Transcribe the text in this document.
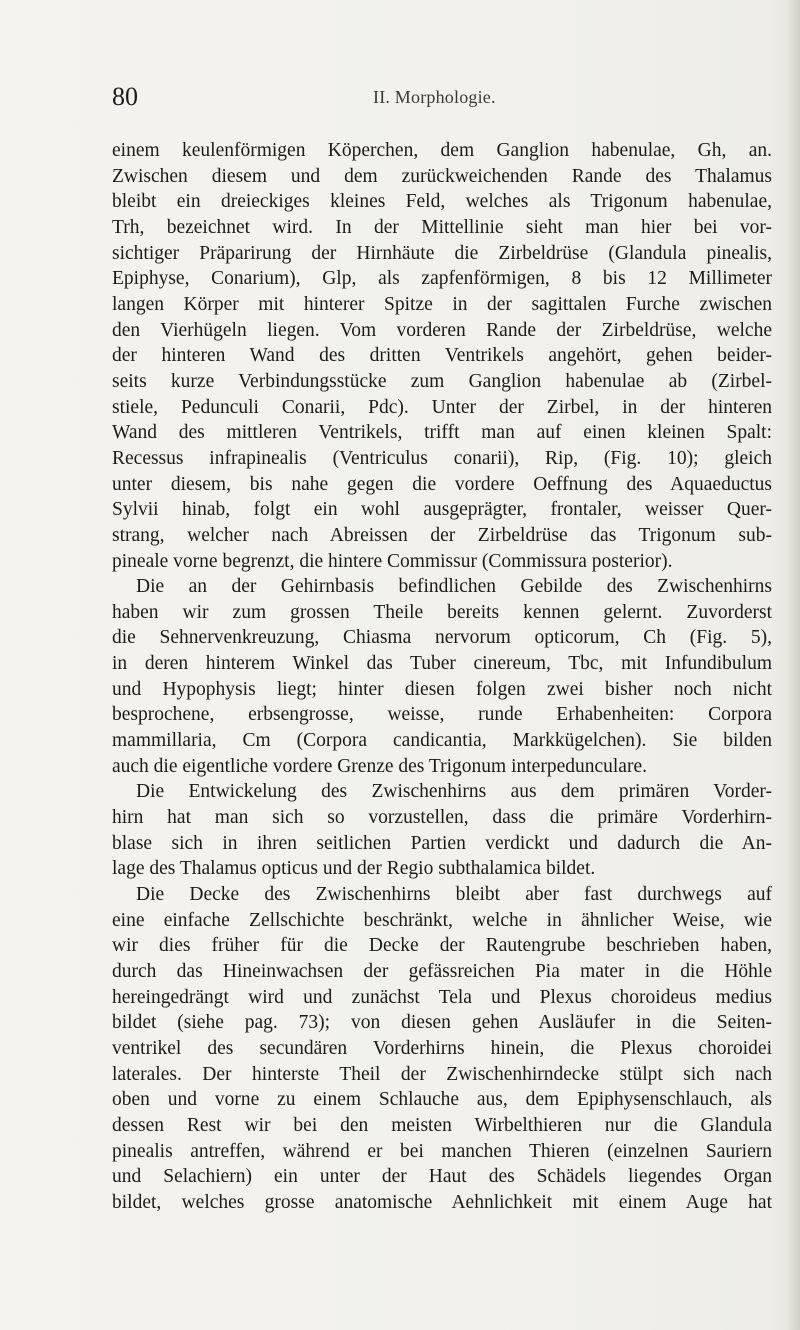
80	II. Morphologie.
einem keulenförmigen Köperchen, dem Ganglion habenulae, Gh, an.
Zwischen diesem und dem zurückweichenden Rande des Thalamus
bleibt ein dreieckiges kleines Feld, welches als Trigonum habenulae,
Trh, bezeichnet wird. In der Mittellinie sieht man hier bei vor-
sichtiger Präparirung der Hirnhäute die Zirbeldrüse (Glandula pinealis,
Epiphyse, Conarium), Glp, als zapfenförmigen, 8 bis 12 Millimeter
langen Körper mit hinterer Spitze in der sagittalen Furche zwischen
den Vierhügeln liegen. Vom vorderen Rande der Zirbeldrüse, welche
der hinteren Wand des dritten Ventrikels angehört, gehen beider-
seits kurze Verbindungsstücke zum Ganglion habenulae ab (Zirbel-
stiele, Pedunculi Conarii, Pdc). Unter der Zirbel, in der hinteren
Wand des mittleren Ventrikels, trifft man auf einen kleinen Spalt:
Recessus infrapinealis (Ventriculus conarii), Rip, (Fig. 10); gleich
unter diesem, bis nahe gegen die vordere Oeffnung des Aquaeductus
Sylvii hinab, folgt ein wohl ausgeprägter, frontaler, weisser Quer-
strang, welcher nach Abreissen der Zirbeldrüse das Trigonum sub-
pineale vorne begrenzt, die hintere Commissur (Commissura posterior).
Die an der Gehirnbasis befindlichen Gebilde des Zwischenhirns
haben wir zum grossen Theile bereits kennen gelernt. Zuvorderst
die Sehnervenkreuzung, Chiasma nervorum opticorum, Ch (Fig. 5),
in deren hinterem Winkel das Tuber cinereum, Tbc, mit Infundibulum
und Hypophysis liegt; hinter diesen folgen zwei bisher noch nicht
besprochene, erbsengrosse, weisse, runde Erhabenheiten: Corpora
mammillaria, Cm (Corpora candicantia, Markkügelchen). Sie bilden
auch die eigentliche vordere Grenze des Trigonum interpedunculare.
Die Entwickelung des Zwischenhirns aus dem primären Vorder-
hirn hat man sich so vorzustellen, dass die primäre Vorderhirn-
blase sich in ihren seitlichen Partien verdickt und dadurch die An-
lage des Thalamus opticus und der Regio subthalamica bildet.
Die Decke des Zwischenhirns bleibt aber fast durchwegs auf
eine einfache Zellschichte beschränkt, welche in ähnlicher Weise, wie
wir dies früher für die Decke der Rautengrube beschrieben haben,
durch das Hineinwachsen der gefässreichen Pia mater in die Höhle
hereingedrängt wird und zunächst Tela und Plexus choroideus medius
bildet (siehe pag. 73); von diesen gehen Ausläufer in die Seiten-
ventrikel des secundären Vorderhirns hinein, die Plexus choroidei
laterales. Der hinterste Theil der Zwischenhirndecke stülpt sich nach
oben und vorne zu einem Schlauche aus, dem Epiphysenschlauch, als
dessen Rest wir bei den meisten Wirbelthieren nur die Glandula
pinealis antreffen, während er bei manchen Thieren (einzelnen Sauriern
und Selachiern) ein unter der Haut des Schädels liegendes Organ
bildet, welches grosse anatomische Aehnlichkeit mit einem Auge hat
